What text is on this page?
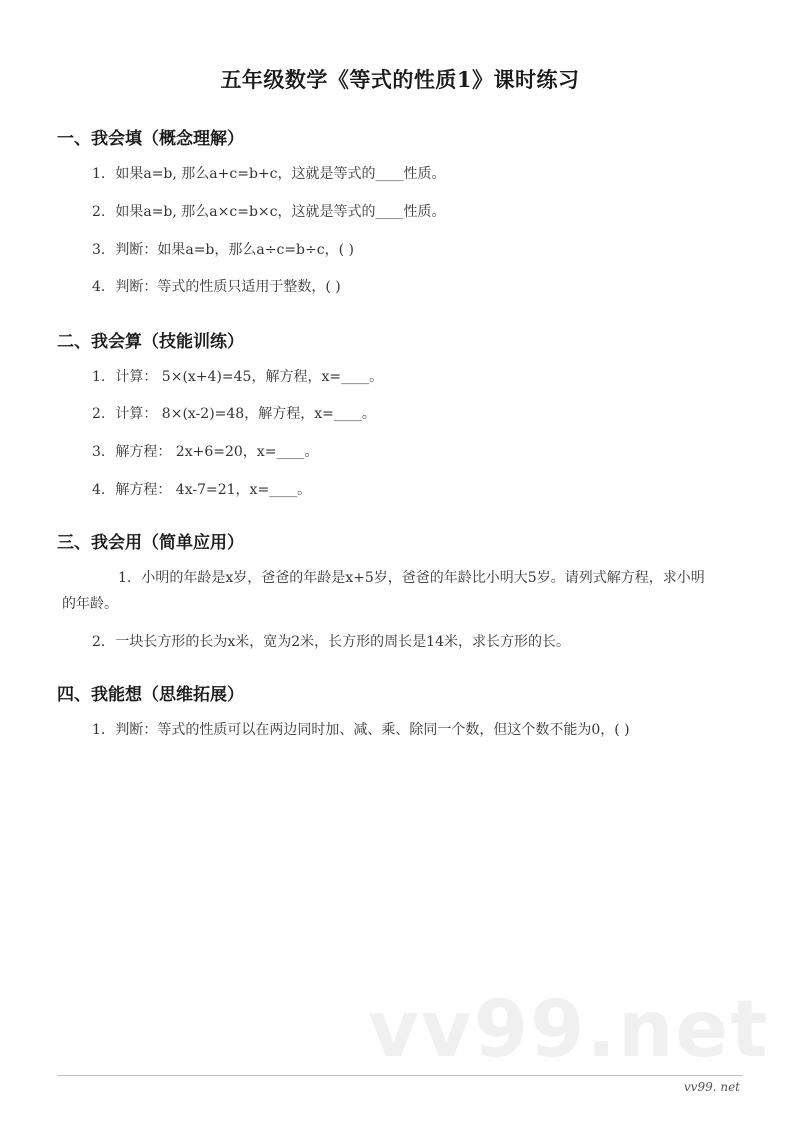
五年级数学《等式的性质1》课时练习
一、我会填（概念理解）
1. 如果a=b, 那么a+c=b+c，这就是等式的____性质。
2. 如果a=b, 那么a×c=b×c，这就是等式的____性质。
3. 判断：如果a=b，那么a÷c=b÷c，( )
4. 判断：等式的性质只适用于整数，( )
二、我会算（技能训练）
1. 计算： 5×(x+4)=45，解方程，x=____。
2. 计算： 8×(x-2)=48，解方程，x=____。
3. 解方程： 2x+6=20，x=____。
4. 解方程： 4x-7=21，x=____。
三、我会用（简单应用）
1. 小明的年龄是x岁，爸爸的年龄是x+5岁，爸爸的年龄比小明大5岁。请列式解方程，求小明的年龄。
2. 一块长方形的长为x米，宽为2米，长方形的周长是14米，求长方形的长。
四、我能想（思维拓展）
1. 判断：等式的性质可以在两边同时加、减、乘、除同一个数，但这个数不能为0，( )
vv99.net
vv99. net
